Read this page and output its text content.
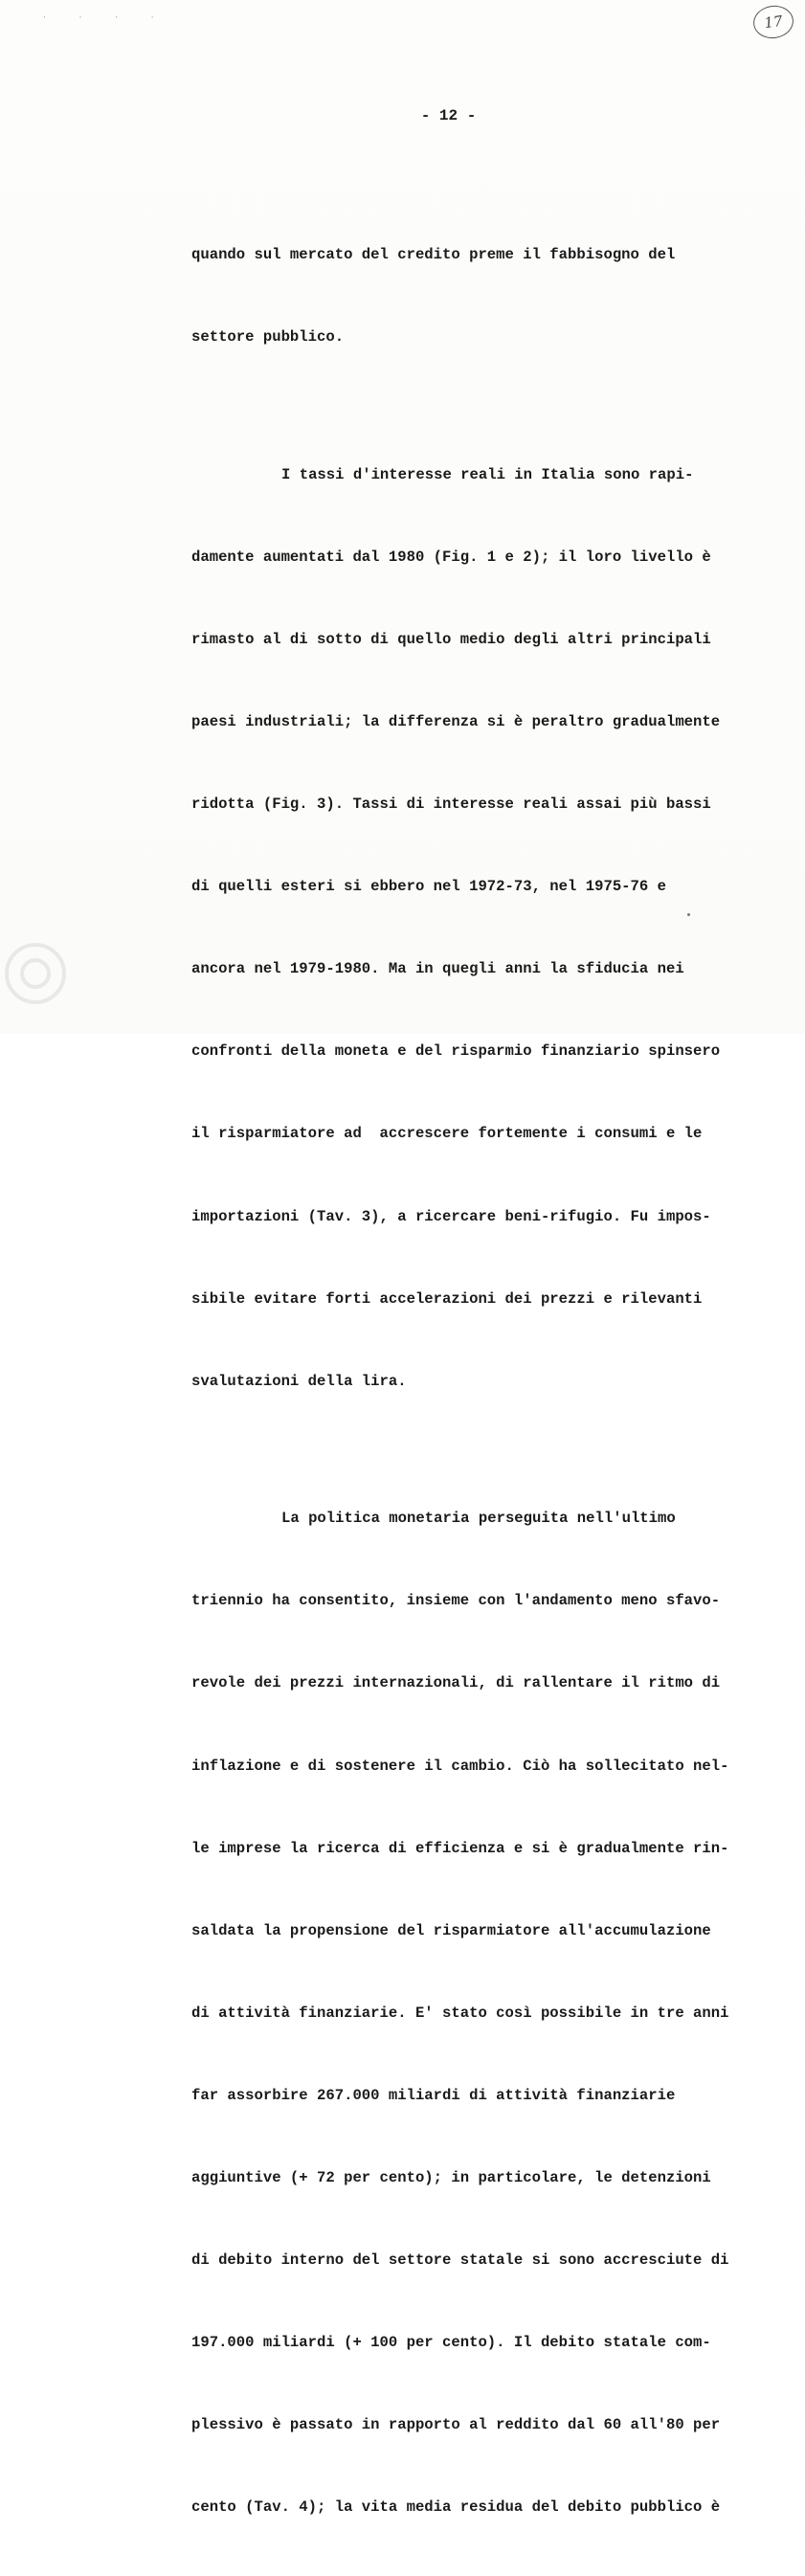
· · · ·	17
- 12 -

quando sul mercato del credito preme il fabbisogno del

settore pubblico.

I tassi d'interesse reali in Italia sono rapi-

damente aumentati dal 1980 (Fig. 1 e 2); il loro livello è

rimasto al di sotto di quello medio degli altri principali

paesi industriali; la differenza si è peraltro gradualmente

ridotta (Fig. 3). Tassi di interesse reali assai più bassi

di quelli esteri si ebbero nel 1972-73, nel 1975-76 e

ancora nel 1979-1980. Ma in quegli anni la sfiducia nei

confronti della moneta e del risparmio finanziario spinsero

il risparmiatore ad  accrescere fortemente i consumi e le

importazioni (Tav. 3), a ricercare beni-rifugio. Fu impos-

sibile evitare forti accelerazioni dei prezzi e rilevanti

svalutazioni della lira.

La politica monetaria perseguita nell'ultimo

triennio ha consentito, insieme con l'andamento meno sfavo-

revole dei prezzi internazionali, di rallentare il ritmo di

inflazione e di sostenere il cambio. Ciò ha sollecitato nel-

le imprese la ricerca di efficienza e si è gradualmente rin-

saldata la propensione del risparmiatore all'accumulazione

di attività finanziarie. E' stato così possibile in tre anni

far assorbire 267.000 miliardi di attività finanziarie

aggiuntive (+ 72 per cento); in particolare, le detenzioni

di debito interno del settore statale si sono accresciute di

197.000 miliardi (+ 100 per cento). Il debito statale com-

plessivo è passato in rapporto al reddito dal 60 all'80 per

cento (Tav. 4); la vita media residua del debito pubblico è
